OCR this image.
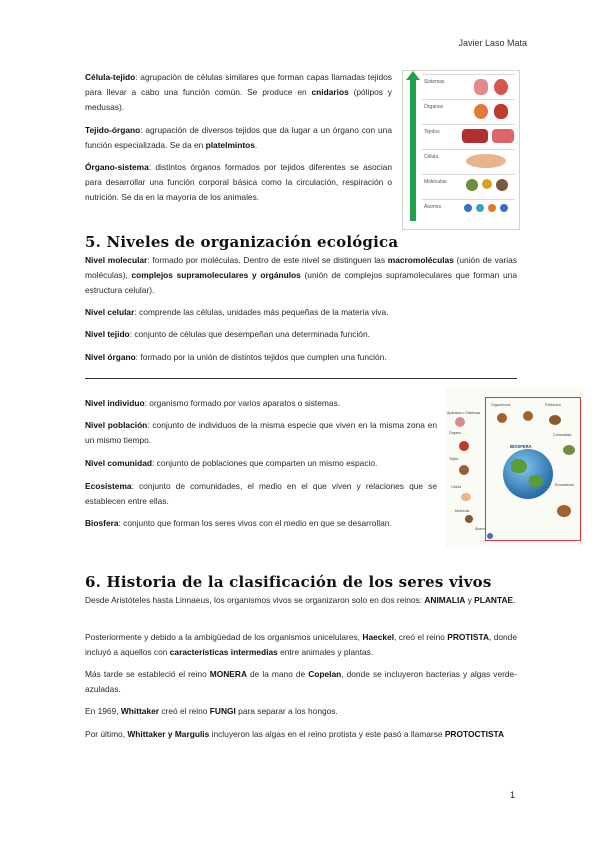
Javier Laso Mata
Célula-tejido: agrupación de células similares que forman capas llamadas tejidos para llevar a cabo una función común. Se produce en cnidarios (pólipos y medusas).
Tejido-órgano: agrupación de diversos tejidos que da lugar a un órgano con una función especializada. Se da en platelmintos.
Órgano-sistema: distintos órganos formados por tejidos diferentes se asocian para desarrollar una función corporal básica como la circulación, respiración o nutrición. Se da en la mayoría de los animales.
Sistemas
Órganos
Tejidos
Célula
Moléculas
Átomos
5. Niveles de organización ecológica
Nivel molecular: formado por moléculas. Dentro de este nivel se distinguen las macromoléculas (unión de varias moléculas), complejos supramoleculares y orgánulos (unión de complejos supramoleculares que forman una estructura celular).
Nivel celular: comprende las células, unidades más pequeñas de la materia viva.
Nivel tejido: conjunto de células que desempeñan una determinada función.
Nivel órgano: formado por la unión de distintos tejidos que cumplen una función.
Nivel individuo: organismo formado por varios aparatos o sistemas.
Nivel población: conjunto de individuos de la misma especie que viven en la misma zona en un mismo tiempo.
Nivel comunidad: conjunto de poblaciones que comparten un mismo espacio.
Ecosistema: conjunto de comunidades, el medio en el que viven y relaciones que se establecen entre ellas.
Biosfera: conjunto que forman los seres vivos con el medio en que se desarrollan.
BIOSFERA
Aparatos o Sistemas
Organismos	Población
Órgano	Comunidad
Tejido
Ecosistema
Célula
Molécula
Átomo
6. Historia de la clasificación de los seres vivos
Desde Aristóteles hasta Linnaeus, los organismos vivos se organizaron solo en dos reinos: ANIMALIA y PLANTAE.
Posteriormente y debido a la ambigüedad de los organismos unicelulares, Haeckel, creó el reino PROTISTA, donde incluyó a aquellos con características intermedias entre animales y plantas.
Más tarde se estableció el reino MONERA de la mano de Copelan, donde se incluyeron bacterias y algas verde-azuladas.
En 1969, Whittaker creó el reino FUNGI para separar a los hongos.
Por último, Whittaker y Margulis incluyeron las algas en el reino protista y este pasó a llamarse PROTOCTISTA
1
